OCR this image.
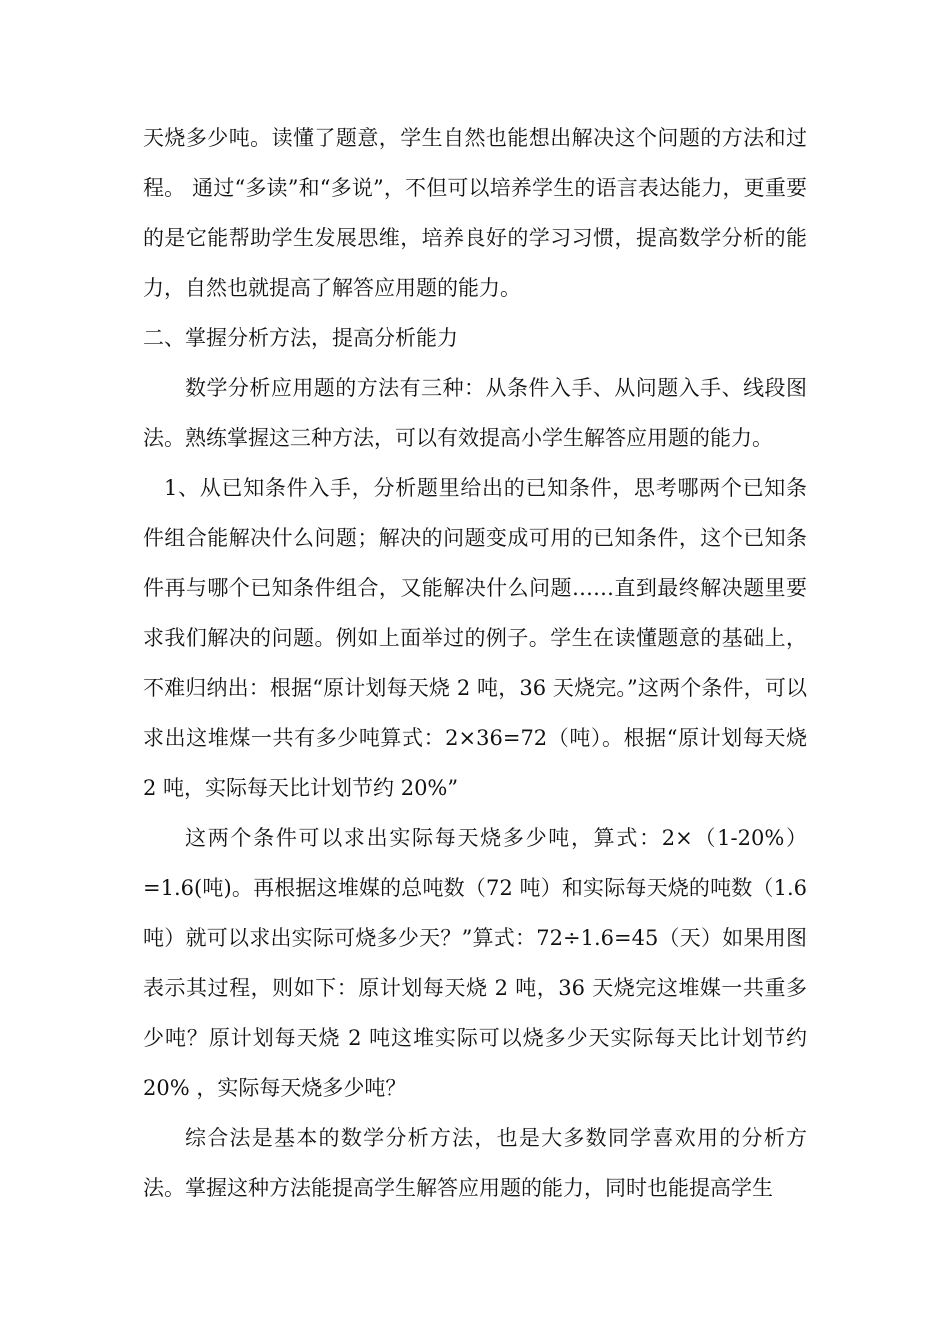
天烧多少吨。读懂了题意，学生自然也能想出解决这个问题的方法和过程。 通过“多读”和“多说”，不但可以培养学生的语言表达能力，更重要的是它能帮助学生发展思维，培养良好的学习习惯，提高数学分析的能力，自然也就提高了解答应用题的能力。

二、掌握分析方法，提高分析能力

数学分析应用题的方法有三种：从条件入手、从问题入手、线段图法。熟练掌握这三种方法，可以有效提高小学生解答应用题的能力。

1、从已知条件入手，分析题里给出的已知条件，思考哪两个已知条件组合能解决什么问题；解决的问题变成可用的已知条件，这个已知条件再与哪个已知条件组合，又能解决什么问题……直到最终解决题里要求我们解决的问题。例如上面举过的例子。学生在读懂题意的基础上，不难归纳出：根据“原计划每天烧 2 吨，36 天烧完。”这两个条件，可以求出这堆煤一共有多少吨算式：2×36=72（吨）。根据“原计划每天烧 2 吨，实际每天比计划节约 20%”

这两个条件可以求出实际每天烧多少吨，算式：2×（1-20%）=1.6(吨)。再根据这堆媒的总吨数（72 吨）和实际每天烧的吨数（1.6 吨）就可以求出实际可烧多少天？”算式：72÷1.6=45（天）如果用图表示其过程，则如下：原计划每天烧 2 吨，36 天烧完这堆媒一共重多少吨？原计划每天烧 2 吨这堆实际可以烧多少天实际每天比计划节约 20% ，实际每天烧多少吨？

综合法是基本的数学分析方法，也是大多数同学喜欢用的分析方法。掌握这种方法能提高学生解答应用题的能力，同时也能提高学生
